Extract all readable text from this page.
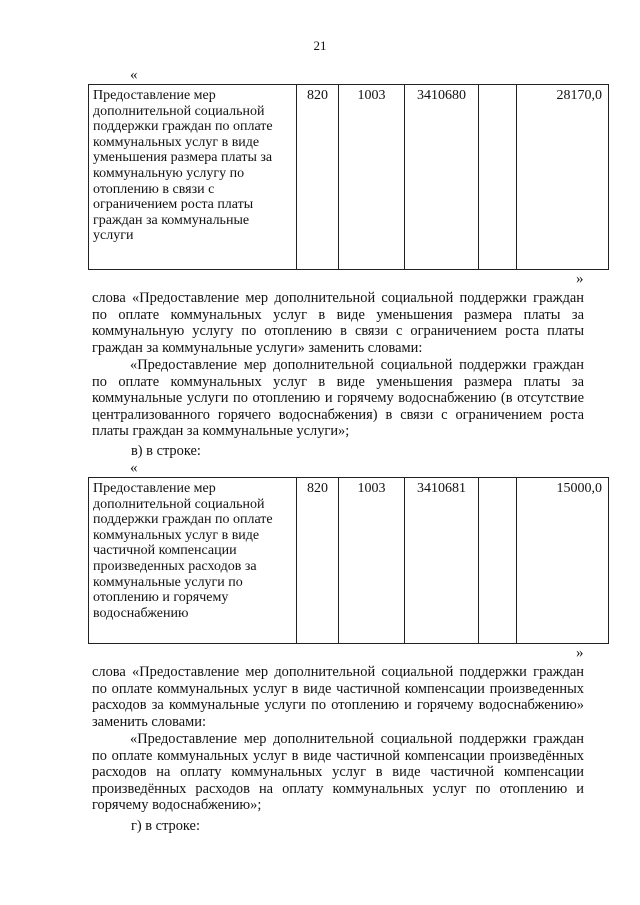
21
«
Предоставление мер дополнительной социальной поддержки граждан по оплате коммунальных услуг в виде уменьшения размера платы за коммунальную услугу по отоплению в связи с ограничением роста платы граждан за коммунальные услуги	820	1003	3410680		28170,0
»

слова «Предоставление мер дополнительной социальной поддержки граждан по оплате коммунальных услуг в виде уменьшения размера платы за коммунальную услугу по отоплению в связи с ограничением роста платы граждан за коммунальные услуги» заменить словами:

«Предоставление мер дополнительной социальной поддержки граждан по оплате коммунальных услуг в виде уменьшения размера платы за коммунальные услуги по отоплению и горячему водоснабжению (в отсутствие централизованного горячего водоснабжения) в связи с ограничением роста платы граждан за коммунальные услуги»;

в) в строке:
«
Предоставление мер дополнительной социальной поддержки граждан по оплате коммунальных услуг в виде частичной компенсации произведенных расходов за коммунальные услуги по отоплению и горячему водоснабжению	820	1003	3410681		15000,0
»

слова «Предоставление мер дополнительной социальной поддержки граждан по оплате коммунальных услуг в виде частичной компенсации произведенных расходов за коммунальные услуги по отоплению и горячему водоснабжению» заменить словами:

«Предоставление мер дополнительной социальной поддержки граждан по оплате коммунальных услуг в виде частичной компенсации произведённых расходов на оплату коммунальных услуг в виде частичной компенсации произведённых расходов на оплату коммунальных услуг по отоплению и горячему водоснабжению»;

г) в строке:
